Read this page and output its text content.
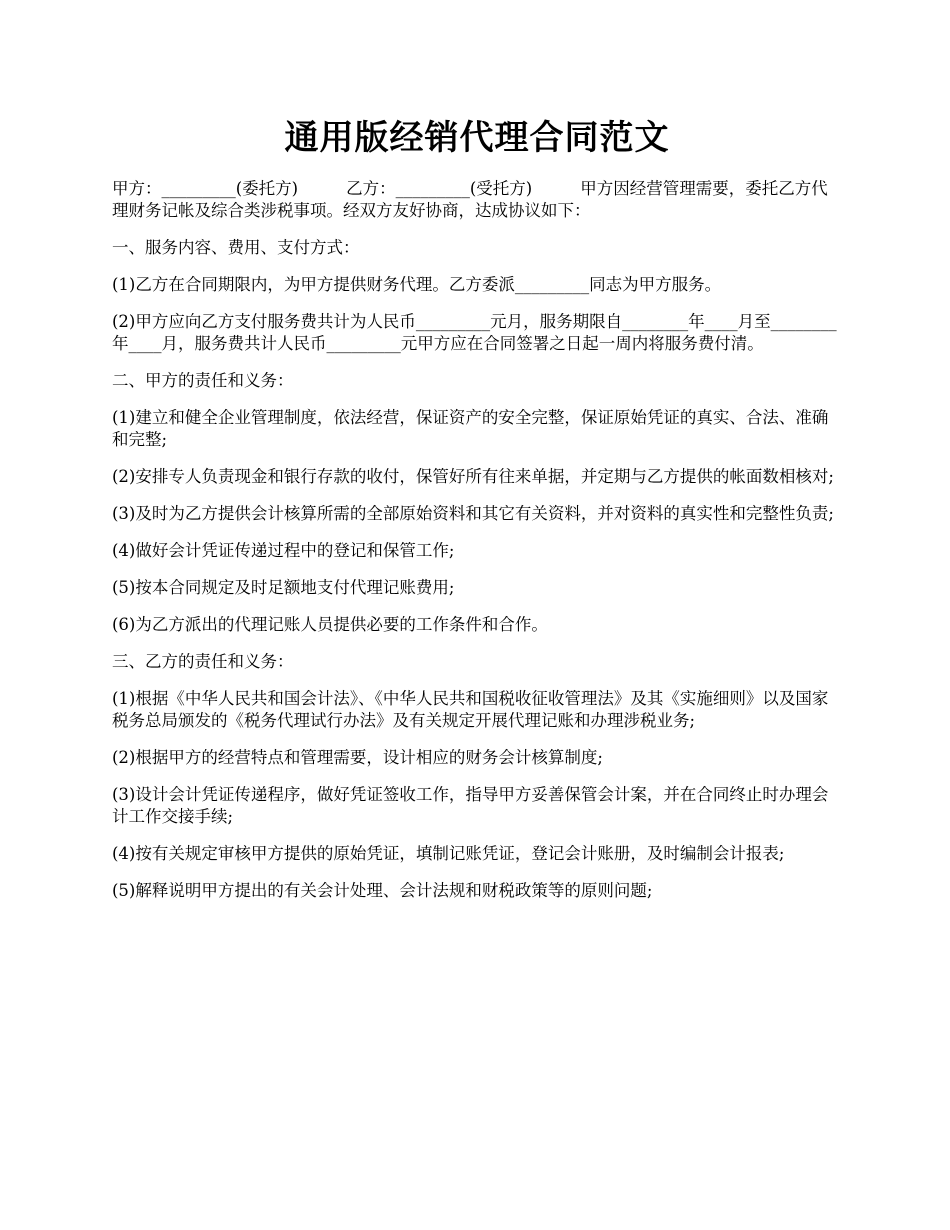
通用版经销代理合同范文

甲方：_________(委托方)	乙方：_________(受托方)	甲方因经营管理需要，委托乙方代理财务记帐及综合类涉税事项。经双方友好协商，达成协议如下：

一、服务内容、费用、支付方式：

(1)乙方在合同期限内，为甲方提供财务代理。乙方委派_________同志为甲方服务。

(2)甲方应向乙方支付服务费共计为人民币_________元月，服务期限自________年____月至________年____月，服务费共计人民币_________元甲方应在合同签署之日起一周内将服务费付清。

二、甲方的责任和义务：

(1)建立和健全企业管理制度，依法经营，保证资产的安全完整，保证原始凭证的真实、合法、准确和完整;

(2)安排专人负责现金和银行存款的收付，保管好所有往来单据，并定期与乙方提供的帐面数相核对;

(3)及时为乙方提供会计核算所需的全部原始资料和其它有关资料，并对资料的真实性和完整性负责;

(4)做好会计凭证传递过程中的登记和保管工作;

(5)按本合同规定及时足额地支付代理记账费用;

(6)为乙方派出的代理记账人员提供必要的工作条件和合作。

三、乙方的责任和义务：

(1)根据《中华人民共和国会计法》、《中华人民共和国税收征收管理法》及其《实施细则》以及国家税务总局颁发的《税务代理试行办法》及有关规定开展代理记账和办理涉税业务;

(2)根据甲方的经营特点和管理需要，设计相应的财务会计核算制度;

(3)设计会计凭证传递程序，做好凭证签收工作，指导甲方妥善保管会计案，并在合同终止时办理会计工作交接手续;

(4)按有关规定审核甲方提供的原始凭证，填制记账凭证，登记会计账册，及时编制会计报表;

(5)解释说明甲方提出的有关会计处理、会计法规和财税政策等的原则问题;
